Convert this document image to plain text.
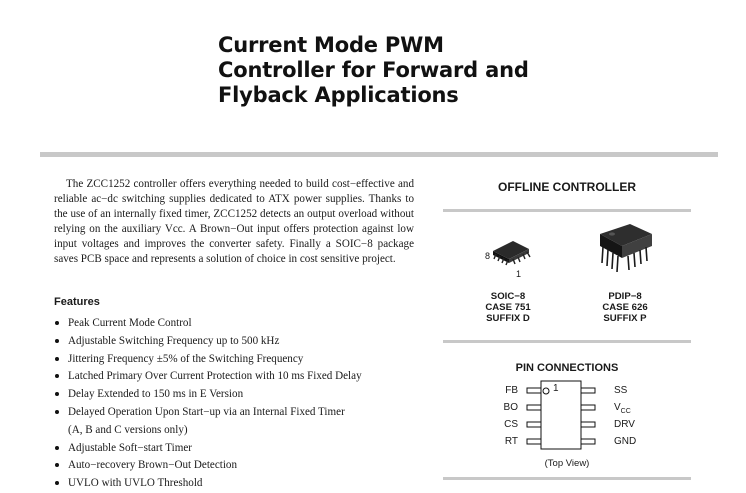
Current Mode PWM
Controller for Forward and
Flyback Applications

The ZCC1252 controller offers everything needed to build cost−effective and reliable ac−dc switching supplies dedicated to ATX power supplies. Thanks to the use of an internally fixed timer, ZCC1252 detects an output overload without relying on the auxiliary Vcc. A Brown−Out input offers protection against low input voltages and improves the converter safety. Finally a SOIC−8 package saves PCB space and represents a solution of choice in cost sensitive project.

Features
Peak Current Mode Control
Adjustable Switching Frequency up to 500 kHz
Jittering Frequency ±5% of the Switching Frequency
Latched Primary Over Current Protection with 10 ms Fixed Delay
Delay Extended to 150 ms in E Version
Delayed Operation Upon Start−up via an Internal Fixed Timer
(A, B and C versions only)
Adjustable Soft−start Timer
Auto−recovery Brown−Out Detection
UVLO with UVLO Threshold
OFFLINE CONTROLLER
8
1
SOIC−8
CASE 751
SUFFIX D
PDIP−8
CASE 626
SUFFIX P
PIN CONNECTIONS
1
FB
BO
CS
RT
SS
$V_{CC}$
DRV
GND
(Top View)
